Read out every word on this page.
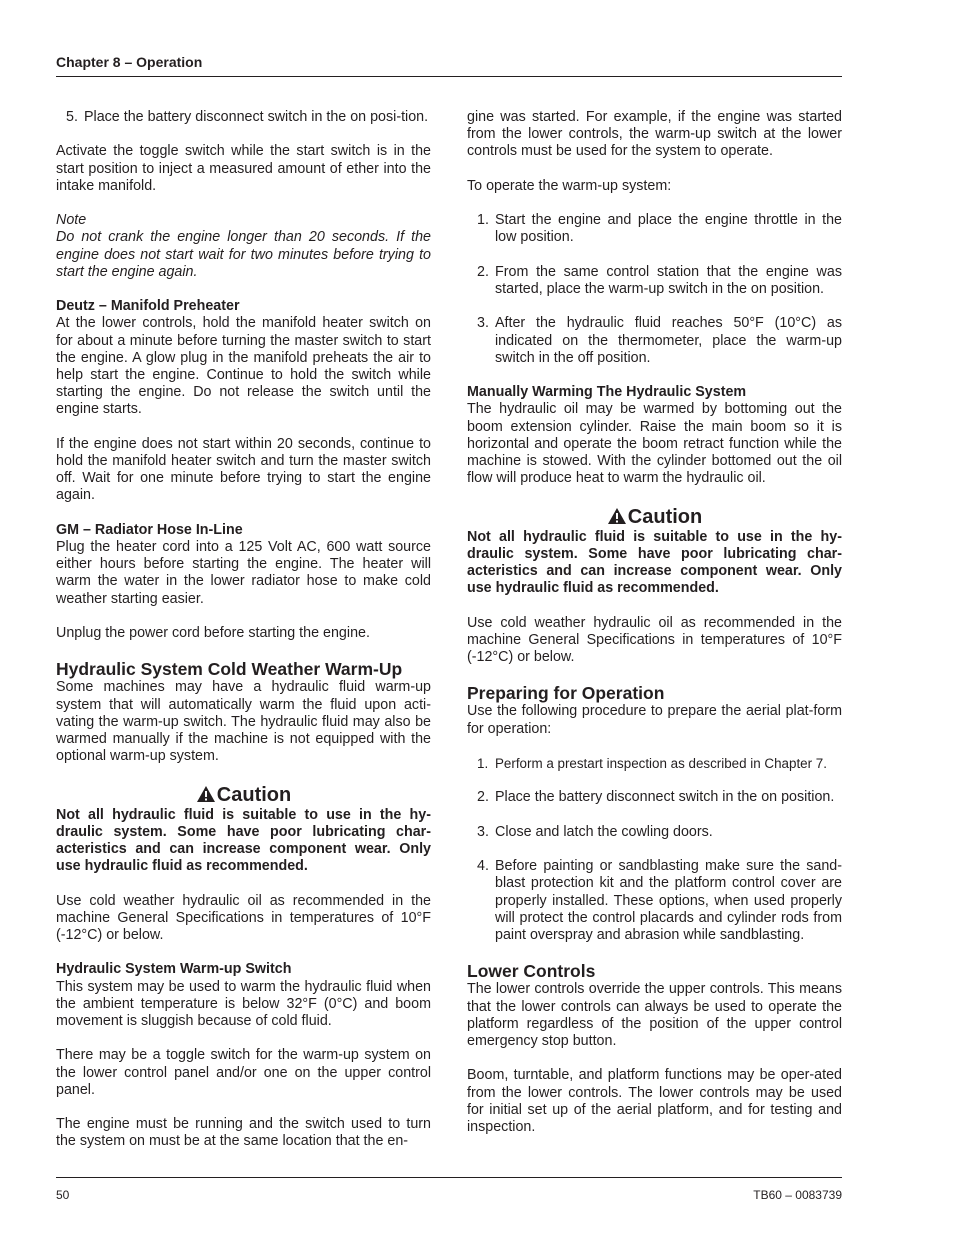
Chapter 8 – Operation
5. Place the battery disconnect switch in the on posi-tion.

Activate the toggle switch while the start switch is in the start position to inject a measured amount of ether into the intake manifold.

Note

Do not crank the engine longer than 20 seconds. If the engine does not start wait for two minutes before trying to start the engine again.

Deutz – Manifold Preheater

At the lower controls, hold the manifold heater switch on for about a minute before turning the master switch to start the engine. A glow plug in the manifold preheats the air to help start the engine. Continue to hold the switch while starting the engine. Do not release the switch until the engine starts.

If the engine does not start within 20 seconds, continue to hold the manifold heater switch and turn the master switch off. Wait for one minute before trying to start the engine again.

GM – Radiator Hose In-Line

Plug the heater cord into a 125 Volt AC, 600 watt source either hours before starting the engine. The heater will warm the water in the lower radiator hose to make cold weather starting easier.

Unplug the power cord before starting the engine.

Hydraulic System Cold Weather Warm-Up

Some machines may have a hydraulic fluid warm-up system that will automatically warm the fluid upon acti-vating the warm-up switch. The hydraulic fluid may also be warmed manually if the machine is not equipped with the optional warm-up system.

Caution
Not all hydraulic fluid is suitable to use in the hy-draulic system. Some have poor lubricating char-acteristics and can increase component wear. Only use hydraulic fluid as recommended.

Use cold weather hydraulic oil as recommended in the machine General Specifications in temperatures of 10°F (-12°C) or below.

Hydraulic System Warm-up Switch

This system may be used to warm the hydraulic fluid when the ambient temperature is below 32°F (0°C) and boom movement is sluggish because of cold fluid.

There may be a toggle switch for the warm-up system on the lower control panel and/or one on the upper control panel.

The engine must be running and the switch used to turn the system on must be at the same location that the en-

gine was started. For example, if the engine was started from the lower controls, the warm-up switch at the lower controls must be used for the system to operate.

To operate the warm-up system:

1. Start the engine and place the engine throttle in the low position.
2. From the same control station that the engine was started, place the warm-up switch in the on position.
3. After the hydraulic fluid reaches 50°F (10°C) as indicated on the thermometer, place the warm-up switch in the off position.
Manually Warming The Hydraulic System

The hydraulic oil may be warmed by bottoming out the boom extension cylinder. Raise the main boom so it is horizontal and operate the boom retract function while the machine is stowed. With the cylinder bottomed out the oil flow will produce heat to warm the hydraulic oil.

Caution
Not all hydraulic fluid is suitable to use in the hy-draulic system. Some have poor lubricating char-acteristics and can increase component wear. Only use hydraulic fluid as recommended.

Use cold weather hydraulic oil as recommended in the machine General Specifications in temperatures of 10°F (-12°C) or below.

Preparing for Operation

Use the following procedure to prepare the aerial plat-form for operation:

1. Perform a prestart inspection as described in Chapter 7.
2. Place the battery disconnect switch in the on position.
3. Close and latch the cowling doors.
4. Before painting or sandblasting make sure the sand-blast protection kit and the platform control cover are properly installed. These options, when used properly will protect the control placards and cylinder rods from paint overspray and abrasion while sandblasting.
Lower Controls

The lower controls override the upper controls. This means that the lower controls can always be used to operate the platform regardless of the position of the upper control emergency stop button.

Boom, turntable, and platform functions may be oper-ated from the lower controls. The lower controls may be used for initial set up of the aerial platform, and for testing and inspection.

50	TB60 – 0083739
